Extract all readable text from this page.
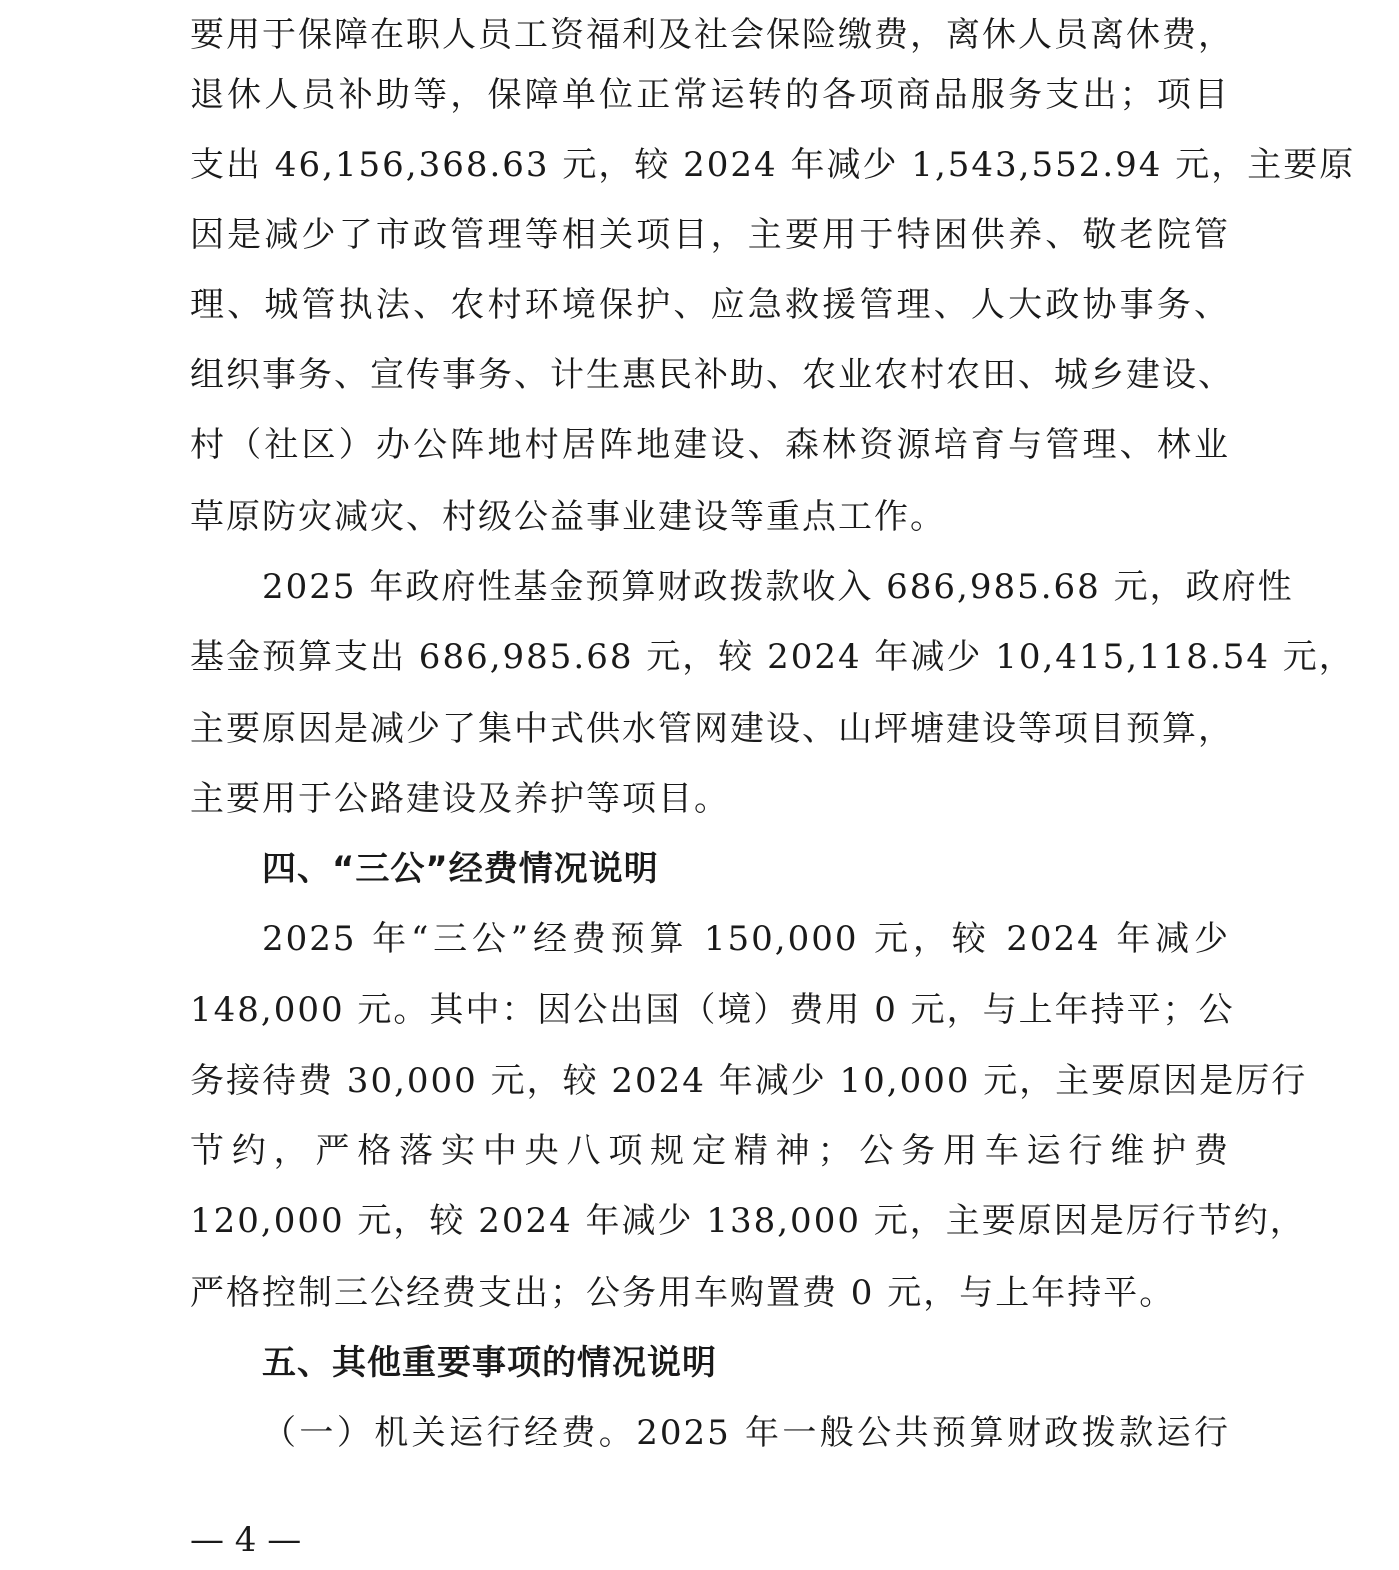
要用于保障在职人员工资福利及社会保险缴费，离休人员离休费，
退休人员补助等，保障单位正常运转的各项商品服务支出；项目
支出 46,156,368.63 元，较 2024 年减少 1,543,552.94 元，主要原
因是减少了市政管理等相关项目，主要用于特困供养、敬老院管
理、城管执法、农村环境保护、应急救援管理、人大政协事务、
组织事务、宣传事务、计生惠民补助、农业农村农田、城乡建设、
村（社区）办公阵地村居阵地建设、森林资源培育与管理、林业
草原防灾减灾、村级公益事业建设等重点工作。
2025 年政府性基金预算财政拨款收入 686,985.68 元，政府性
基金预算支出 686,985.68 元，较 2024 年减少 10,415,118.54 元，
主要原因是减少了集中式供水管网建设、山坪塘建设等项目预算，
主要用于公路建设及养护等项目。
四、“三公”经费情况说明
2025 年“三公”经费预算 150,000 元，较 2024 年减少
148,000 元。其中：因公出国（境）费用 0 元，与上年持平；公
务接待费 30,000 元，较 2024 年减少 10,000 元，主要原因是厉行
节约，严格落实中央八项规定精神；公务用车运行维护费
120,000 元，较 2024 年减少 138,000 元，主要原因是厉行节约，
严格控制三公经费支出；公务用车购置费 0 元，与上年持平。
五、其他重要事项的情况说明
（一）机关运行经费。2025 年一般公共预算财政拨款运行
— 4 —
